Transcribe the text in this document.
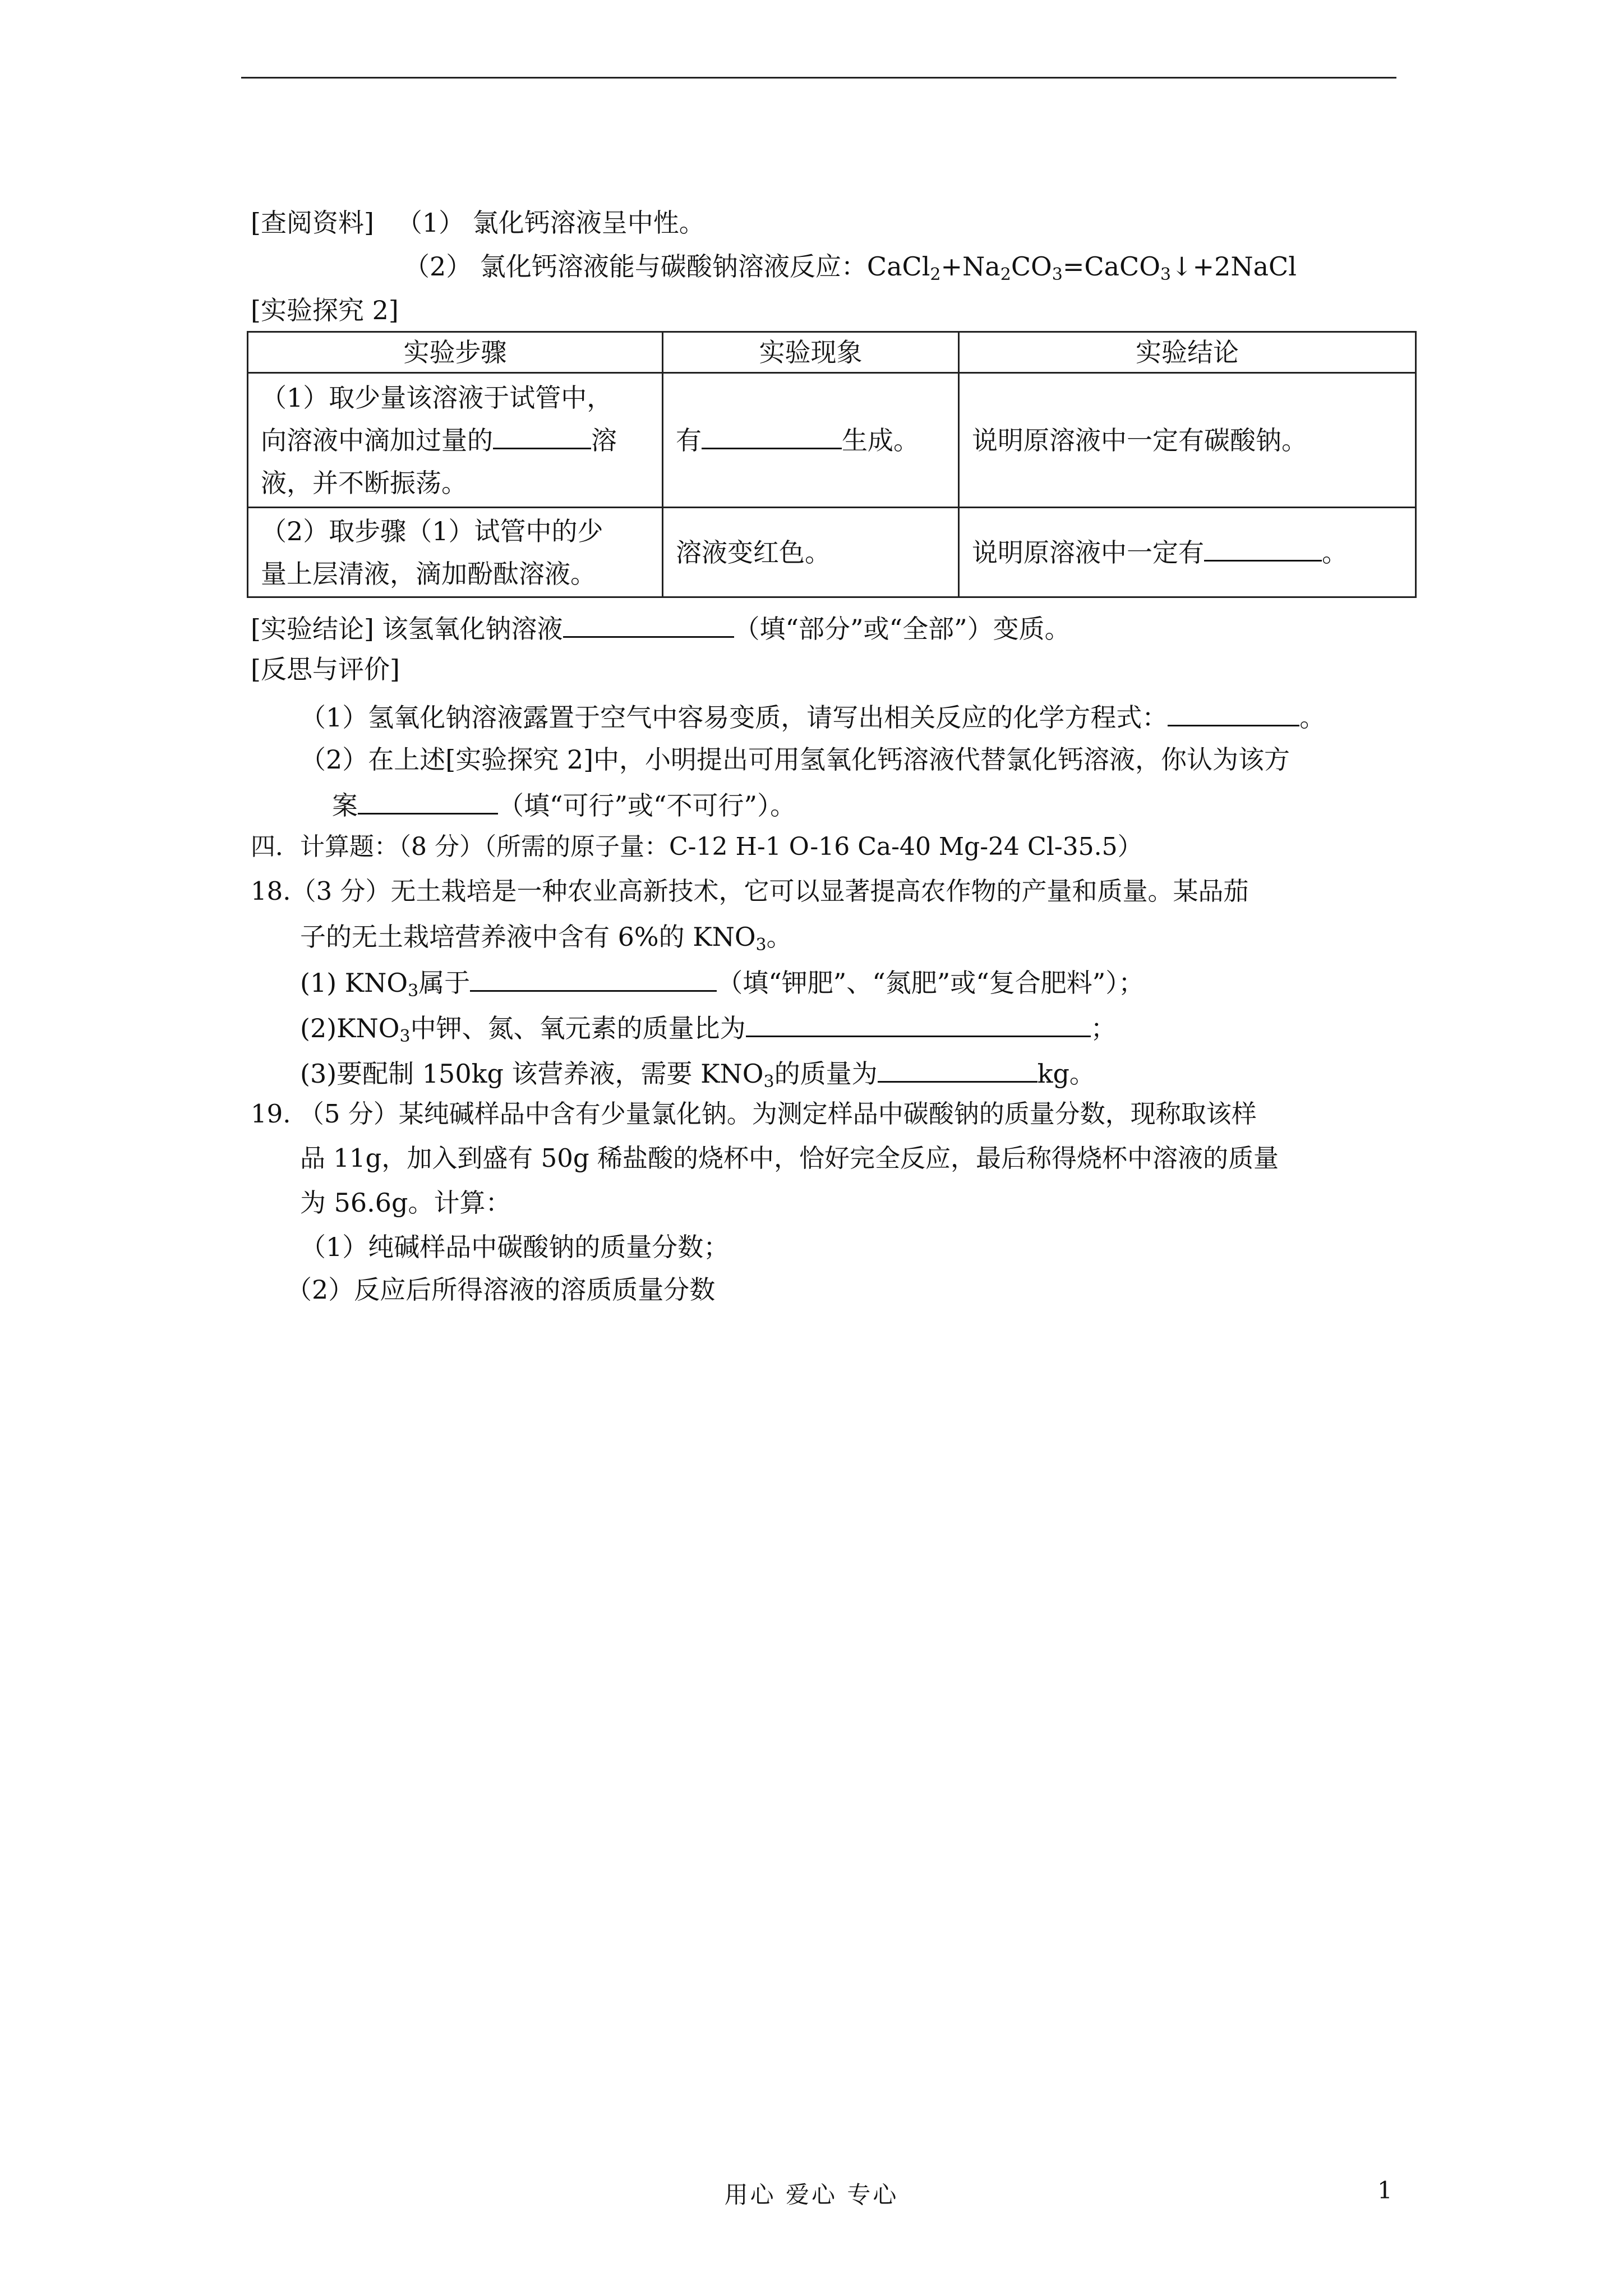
[查阅资料] （1） 氯化钙溶液呈中性。
（2） 氯化钙溶液能与碳酸钠溶液反应：$CaCl_2+Na_2CO_3=CaCO_3↓+2NaCl$
[实验探究 2]
实验步骤	实验现象	实验结论

（1）取少量该溶液于试管中，
向溶液中滴加过量的 溶
液，并不断振荡。	有 生成。	说明原溶液中一定有碳酸钠。

（2）取步骤（1）试管中的少
量上层清液，滴加酚酞溶液。	溶液变红色。	说明原溶液中一定有 。
[实验结论] 该氢氧化钠溶液	（填“部分”或“全部”）变质。
[反思与评价]
（1）氢氧化钠溶液露置于空气中容易变质，请写出相关反应的化学方程式：	。
（2）在上述[实验探究 2]中，小明提出可用氢氧化钙溶液代替氯化钙溶液，你认为该方
案	（填“可行”或“不可行”）。
四．计算题：（8 分）（所需的原子量：C-12 H-1 O-16 Ca-40 Mg-24 Cl-35.5）
18.（3 分）无土栽培是一种农业高新技术，它可以显著提高农作物的产量和质量。某品茄
子的无土栽培营养液中含有 6%的 $KNO_3$。
(1) $KNO_3$属于	（填“钾肥”、“氮肥”或“复合肥料”）；
$(2)KNO_3$中钾、氮、氧元素的质量比为	；
(3)要配制 150kg 该营养液，需要 $KNO_3$的质量为	kg。
19. （5 分）某纯碱样品中含有少量氯化钠。为测定样品中碳酸钠的质量分数，现称取该样
品 11g，加入到盛有 50g 稀盐酸的烧杯中，恰好完全反应，最后称得烧杯中溶液的质量
为 56.6g。计算：
（1）纯碱样品中碳酸钠的质量分数；
（2）反应后所得溶液的溶质质量分数
用心 爱心 专心	1
